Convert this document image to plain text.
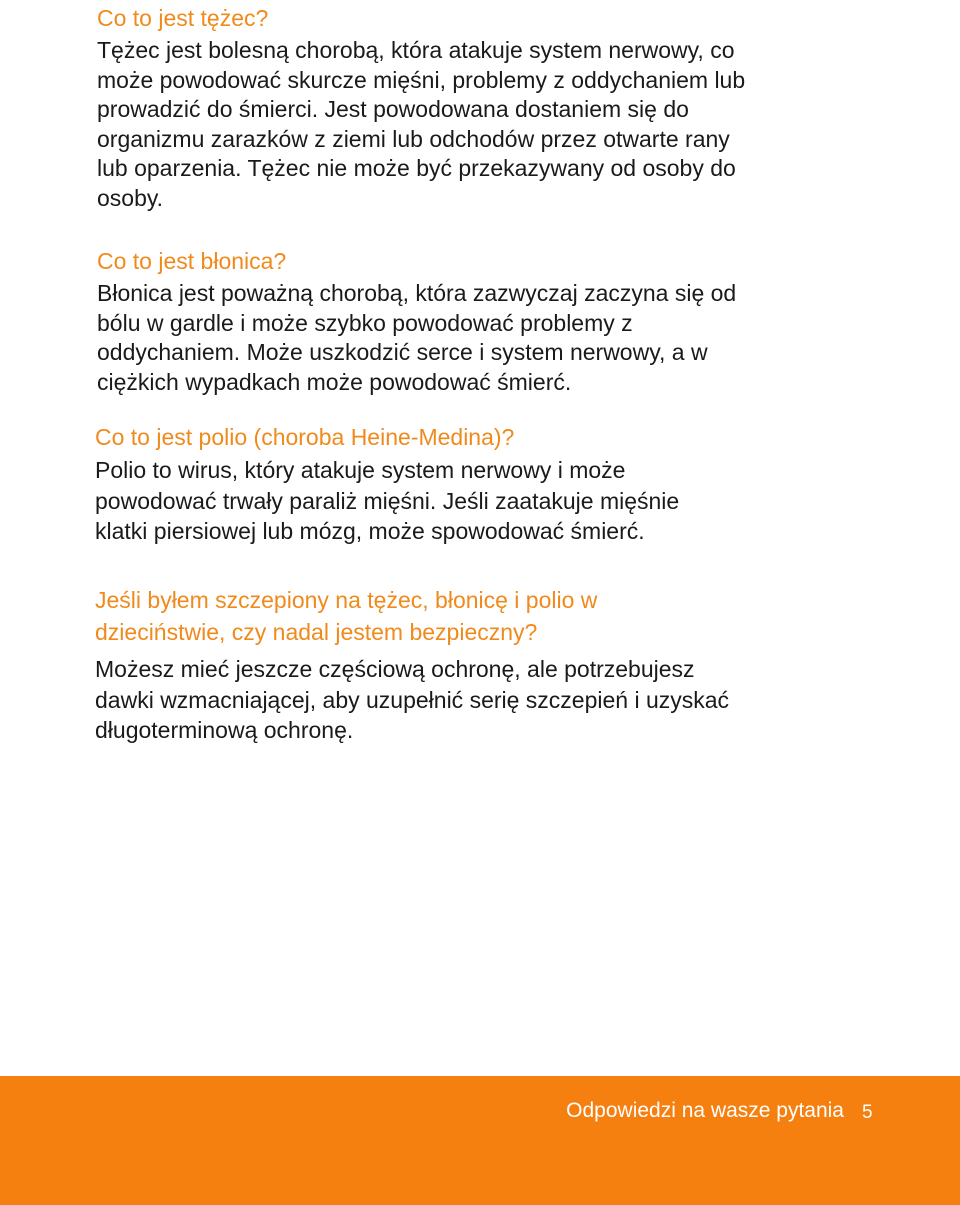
Co to jest tężec?

Tężec jest bolesną chorobą, która atakuje system nerwowy, co
może powodować skurcze mięśni, problemy z oddychaniem lub
prowadzić do śmierci. Jest powodowana dostaniem się do
organizmu zarazków z ziemi lub odchodów przez otwarte rany
lub oparzenia. Tężec nie może być przekazywany od osoby do
osoby.

Co to jest błonica?

Błonica jest poważną chorobą, która zazwyczaj zaczyna się od
bólu w gardle i może szybko powodować problemy z
oddychaniem. Może uszkodzić serce i system nerwowy, a w
ciężkich wypadkach może powodować śmierć.

Co to jest polio (choroba Heine-Medina)?

Polio to wirus, który atakuje system nerwowy i może
powodować trwały paraliż mięśni. Jeśli zaatakuje mięśnie
klatki piersiowej lub mózg, może spowodować śmierć.

Jeśli byłem szczepiony na tężec, błonicę i polio w
dzieciństwie, czy nadal jestem bezpieczny?

Możesz mieć jeszcze częściową ochronę, ale potrzebujesz
dawki wzmacniającej, aby uzupełnić serię szczepień i uzyskać
długoterminową ochronę.

Odpowiedzi na wasze pytania 5
